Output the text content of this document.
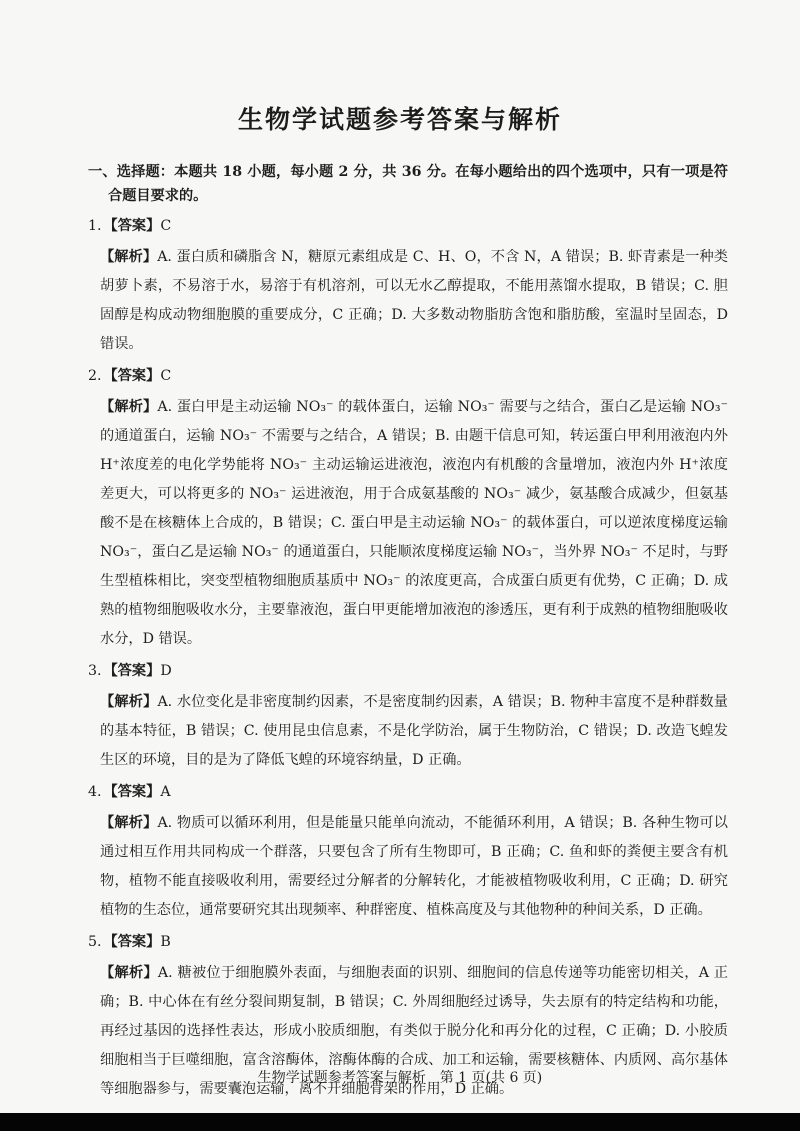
生物学试题参考答案与解析
一、选择题：本题共 18 小题，每小题 2 分，共 36 分。在每小题给出的四个选项中，只有一项是符合题目要求的。
1. 【答案】 C
【解析】A. 蛋白质和磷脂含 N，糖原元素组成是 C、H、O，不含 N，A 错误；B. 虾青素是一种类胡萝卜素，不易溶于水，易溶于有机溶剂，可以无水乙醇提取，不能用蒸馏水提取，B 错误；C. 胆固醇是构成动物细胞膜的重要成分，C 正确；D. 大多数动物脂肪含饱和脂肪酸，室温时呈固态，D 错误。
2. 【答案】 C
【解析】A. 蛋白甲是主动运输 NO₃⁻ 的载体蛋白，运输 NO₃⁻ 需要与之结合，蛋白乙是运输 NO₃⁻ 的通道蛋白，运输 NO₃⁻ 不需要与之结合，A 错误；B. 由题干信息可知，转运蛋白甲利用液泡内外 H⁺浓度差的电化学势能将 NO₃⁻ 主动运输运进液泡，液泡内有机酸的含量增加，液泡内外 H⁺浓度差更大，可以将更多的 NO₃⁻ 运进液泡，用于合成氨基酸的 NO₃⁻ 减少，氨基酸合成减少，但氨基酸不是在核糖体上合成的，B 错误；C. 蛋白甲是主动运输 NO₃⁻ 的载体蛋白，可以逆浓度梯度运输 NO₃⁻，蛋白乙是运输 NO₃⁻ 的通道蛋白，只能顺浓度梯度运输 NO₃⁻，当外界 NO₃⁻ 不足时，与野生型植株相比，突变型植物细胞质基质中 NO₃⁻ 的浓度更高，合成蛋白质更有优势，C 正确；D. 成熟的植物细胞吸收水分，主要靠液泡，蛋白甲更能增加液泡的渗透压，更有利于成熟的植物细胞吸收水分，D 错误。
3. 【答案】 D
【解析】A. 水位变化是非密度制约因素，不是密度制约因素，A 错误；B. 物种丰富度不是种群数量的基本特征，B 错误；C. 使用昆虫信息素，不是化学防治，属于生物防治，C 错误；D. 改造飞蝗发生区的环境，目的是为了降低飞蝗的环境容纳量，D 正确。
4. 【答案】 A
【解析】A. 物质可以循环利用，但是能量只能单向流动，不能循环利用，A 错误；B. 各种生物可以通过相互作用共同构成一个群落，只要包含了所有生物即可，B 正确；C. 鱼和虾的粪便主要含有机物，植物不能直接吸收利用，需要经过分解者的分解转化，才能被植物吸收利用，C 正确；D. 研究植物的生态位，通常要研究其出现频率、种群密度、植株高度及与其他物种的种间关系，D 正确。
5. 【答案】 B
【解析】A. 糖被位于细胞膜外表面，与细胞表面的识别、细胞间的信息传递等功能密切相关，A 正确；B. 中心体在有丝分裂间期复制，B 错误；C. 外周细胞经过诱导，失去原有的特定结构和功能，再经过基因的选择性表达，形成小胶质细胞，有类似于脱分化和再分化的过程，C 正确；D. 小胶质细胞相当于巨噬细胞，富含溶酶体，溶酶体酶的合成、加工和运输，需要核糖体、内质网、高尔基体等细胞器参与，需要囊泡运输，离不开细胞骨架的作用，D 正确。
生物学试题参考答案与解析　第 1 页(共 6 页)
